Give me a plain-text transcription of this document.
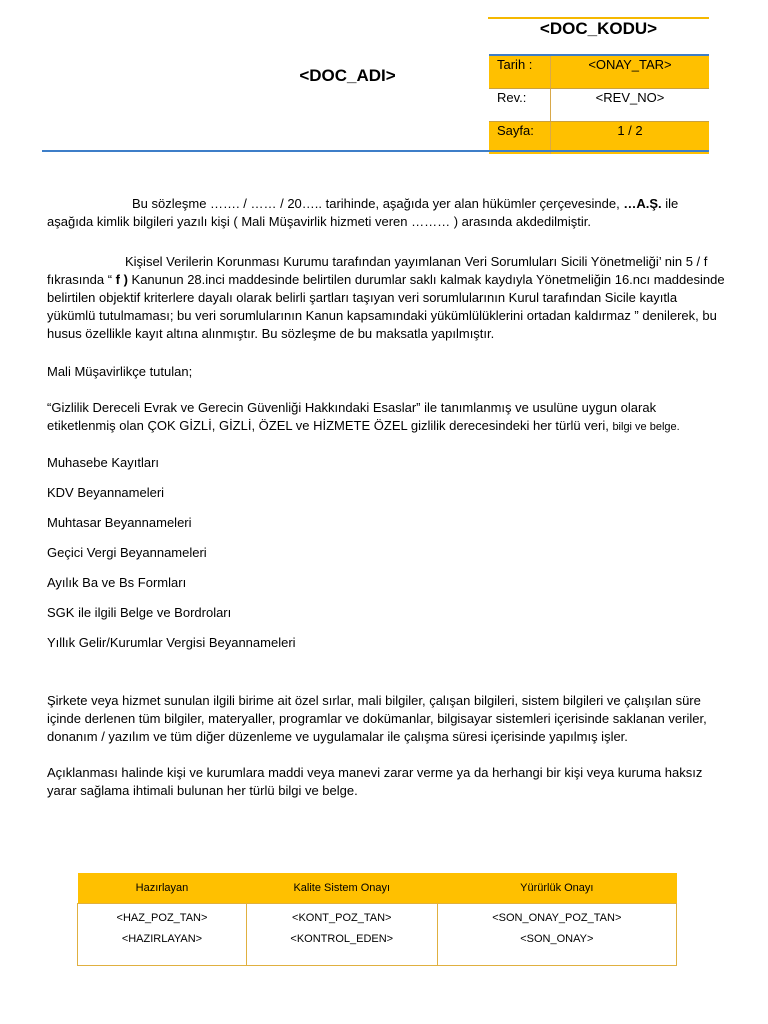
<DOC_KODU>
<DOC_ADI>
Tarih :	<ONAY_TAR>
Rev.:	<REV_NO>
Sayfa:	1 / 2

Bu sözleşme ……. / …… / 20….. tarihinde, aşağıda yer alan hükümler çerçevesinde, …A.Ş. ile aşağıda kimlik bilgileri yazılı kişi ( Mali Müşavirlik hizmeti veren ……… ) arasında akdedilmiştir.

Kişisel Verilerin Korunması Kurumu tarafından yayımlanan Veri Sorumluları Sicili Yönetmeliği’ nin 5 / f fıkrasında “ f ) Kanunun 28.inci maddesinde belirtilen durumlar saklı kalmak kaydıyla Yönetmeliğin 16.ncı maddesinde belirtilen objektif kriterlere dayalı olarak belirli şartları taşıyan veri sorumlularının Kurul tarafından Sicile kayıtla yükümlü tutulmaması; bu veri sorumlularının Kanun kapsamındaki yükümlülüklerini ortadan kaldırmaz ” denilerek, bu husus özellikle kayıt altına alınmıştır. Bu sözleşme de bu maksatla yapılmıştır.

Mali Müşavirlikçe tutulan;

“Gizlilik Dereceli Evrak ve Gerecin Güvenliği Hakkındaki Esaslar” ile tanımlanmış ve usulüne uygun olarak etiketlenmiş olan ÇOK GİZLİ, GİZLİ, ÖZEL ve HİZMETE ÖZEL gizlilik derecesindeki her türlü veri, bilgi ve belge.

Muhasebe Kayıtları
KDV Beyannameleri
Muhtasar Beyannameleri
Geçici Vergi Beyannameleri
Ayılık Ba ve Bs Formları
SGK ile ilgili Belge ve Bordroları
Yıllık Gelir/Kurumlar Vergisi Beyannameleri

Şirkete veya hizmet sunulan ilgili birime ait özel sırlar, mali bilgiler, çalışan bilgileri, sistem bilgileri ve çalışılan süre içinde derlenen tüm bilgiler, materyaller, programlar ve dokümanlar, bilgisayar sistemleri içerisinde saklanan veriler, donanım / yazılım ve tüm diğer düzenleme ve uygulamalar ile çalışma süresi içerisinde yapılmış işler.

Açıklanması halinde kişi ve kurumlara maddi veya manevi zarar verme ya da herhangi bir kişi veya kuruma haksız yarar sağlama ihtimali bulunan her türlü bilgi ve belge.

Hazırlayan	Kalite Sistem Onayı	Yürürlük Onayı
<HAZ_POZ_TAN>	<KONT_POZ_TAN>	<SON_ONAY_POZ_TAN>
<HAZIRLAYAN>	<KONTROL_EDEN>	<SON_ONAY>
